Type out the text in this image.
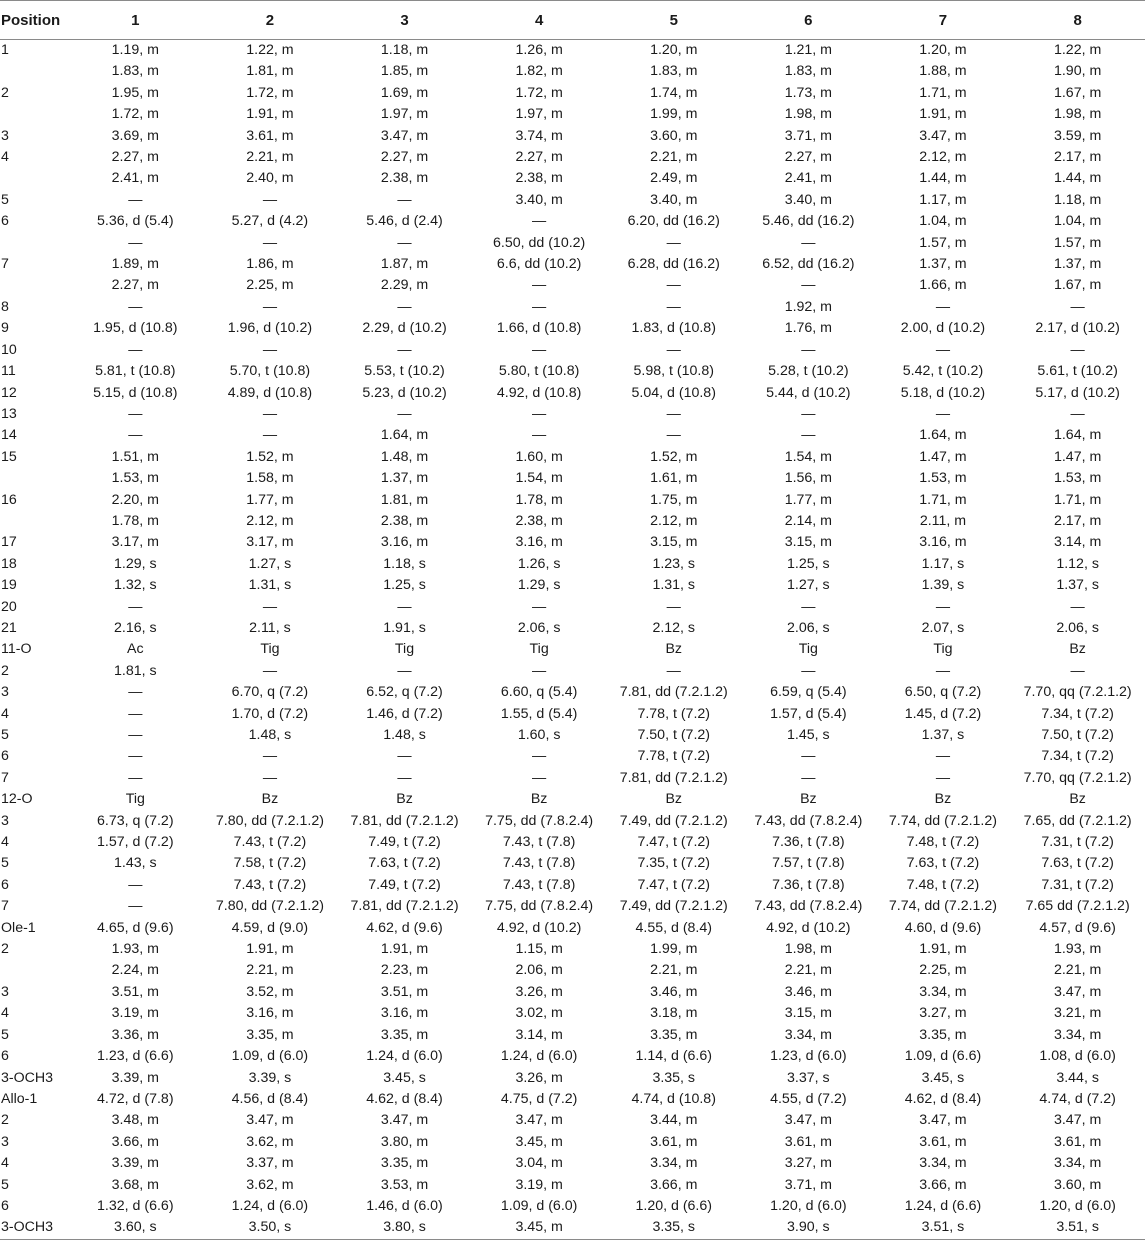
Position	1	2	3	4	5	6	7	8
1	1.19, m	1.22, m	1.18, m	1.26, m	1.20, m	1.21, m	1.20, m	1.22, m
	1.83, m	1.81, m	1.85, m	1.82, m	1.83, m	1.83, m	1.88, m	1.90, m
2	1.95, m	1.72, m	1.69, m	1.72, m	1.74, m	1.73, m	1.71, m	1.67, m
	1.72, m	1.91, m	1.97, m	1.97, m	1.99, m	1.98, m	1.91, m	1.98, m
3	3.69, m	3.61, m	3.47, m	3.74, m	3.60, m	3.71, m	3.47, m	3.59, m
4	2.27, m	2.21, m	2.27, m	2.27, m	2.21, m	2.27, m	2.12, m	2.17, m
	2.41, m	2.40, m	2.38, m	2.38, m	2.49, m	2.41, m	1.44, m	1.44, m
5	—	—	—	3.40, m	3.40, m	3.40, m	1.17, m	1.18, m
6	5.36, d (5.4)	5.27, d (4.2)	5.46, d (2.4)	—	6.20, dd (16.2)	5.46, dd (16.2)	1.04, m	1.04, m
	—	—	—	6.50, dd (10.2)	—	—	1.57, m	1.57, m
7	1.89, m	1.86, m	1.87, m	6.6, dd (10.2)	6.28, dd (16.2)	6.52, dd (16.2)	1.37, m	1.37, m
	2.27, m	2.25, m	2.29, m	—	—	—	1.66, m	1.67, m
8	—	—	—	—	—	1.92, m	—	—
9	1.95, d (10.8)	1.96, d (10.2)	2.29, d (10.2)	1.66, d (10.8)	1.83, d (10.8)	1.76, m	2.00, d (10.2)	2.17, d (10.2)
10	—	—	—	—	—	—	—	—
11	5.81, t (10.8)	5.70, t (10.8)	5.53, t (10.2)	5.80, t (10.8)	5.98, t (10.8)	5.28, t (10.2)	5.42, t (10.2)	5.61, t (10.2)
12	5.15, d (10.8)	4.89, d (10.8)	5.23, d (10.2)	4.92, d (10.8)	5.04, d (10.8)	5.44, d (10.2)	5.18, d (10.2)	5.17, d (10.2)
13	—	—	—	—	—	—	—	—
14	—	—	1.64, m	—	—	—	1.64, m	1.64, m
15	1.51, m	1.52, m	1.48, m	1.60, m	1.52, m	1.54, m	1.47, m	1.47, m
	1.53, m	1.58, m	1.37, m	1.54, m	1.61, m	1.56, m	1.53, m	1.53, m
16	2.20, m	1.77, m	1.81, m	1.78, m	1.75, m	1.77, m	1.71, m	1.71, m
	1.78, m	2.12, m	2.38, m	2.38, m	2.12, m	2.14, m	2.11, m	2.17, m
17	3.17, m	3.17, m	3.16, m	3.16, m	3.15, m	3.15, m	3.16, m	3.14, m
18	1.29, s	1.27, s	1.18, s	1.26, s	1.23, s	1.25, s	1.17, s	1.12, s
19	1.32, s	1.31, s	1.25, s	1.29, s	1.31, s	1.27, s	1.39, s	1.37, s
20	—	—	—	—	—	—	—	—
21	2.16, s	2.11, s	1.91, s	2.06, s	2.12, s	2.06, s	2.07, s	2.06, s
11-O	Ac	Tig	Tig	Tig	Bz	Tig	Tig	Bz
2	1.81, s	—	—	—	—	—	—	—
3	—	6.70, q (7.2)	6.52, q (7.2)	6.60, q (5.4)	7.81, dd (7.2.1.2)	6.59, q (5.4)	6.50, q (7.2)	7.70, qq (7.2.1.2)
4	—	1.70, d (7.2)	1.46, d (7.2)	1.55, d (5.4)	7.78, t (7.2)	1.57, d (5.4)	1.45, d (7.2)	7.34, t (7.2)
5	—	1.48, s	1.48, s	1.60, s	7.50, t (7.2)	1.45, s	1.37, s	7.50, t (7.2)
6	—	—	—	—	7.78, t (7.2)	—	—	7.34, t (7.2)
7	—	—	—	—	7.81, dd (7.2.1.2)	—	—	7.70, qq (7.2.1.2)
12-O	Tig	Bz	Bz	Bz	Bz	Bz	Bz	Bz
3	6.73, q (7.2)	7.80, dd (7.2.1.2)	7.81, dd (7.2.1.2)	7.75, dd (7.8.2.4)	7.49, dd (7.2.1.2)	7.43, dd (7.8.2.4)	7.74, dd (7.2.1.2)	7.65, dd (7.2.1.2)
4	1.57, d (7.2)	7.43, t (7.2)	7.49, t (7.2)	7.43, t (7.8)	7.47, t (7.2)	7.36, t (7.8)	7.48, t (7.2)	7.31, t (7.2)
5	1.43, s	7.58, t (7.2)	7.63, t (7.2)	7.43, t (7.8)	7.35, t (7.2)	7.57, t (7.8)	7.63, t (7.2)	7.63, t (7.2)
6	—	7.43, t (7.2)	7.49, t (7.2)	7.43, t (7.8)	7.47, t (7.2)	7.36, t (7.8)	7.48, t (7.2)	7.31, t (7.2)
7	—	7.80, dd (7.2.1.2)	7.81, dd (7.2.1.2)	7.75, dd (7.8.2.4)	7.49, dd (7.2.1.2)	7.43, dd (7.8.2.4)	7.74, dd (7.2.1.2)	7.65 dd (7.2.1.2)
Ole-1	4.65, d (9.6)	4.59, d (9.0)	4.62, d (9.6)	4.92, d (10.2)	4.55, d (8.4)	4.92, d (10.2)	4.60, d (9.6)	4.57, d (9.6)
2	1.93, m	1.91, m	1.91, m	1.15, m	1.99, m	1.98, m	1.91, m	1.93, m
	2.24, m	2.21, m	2.23, m	2.06, m	2.21, m	2.21, m	2.25, m	2.21, m
3	3.51, m	3.52, m	3.51, m	3.26, m	3.46, m	3.46, m	3.34, m	3.47, m
4	3.19, m	3.16, m	3.16, m	3.02, m	3.18, m	3.15, m	3.27, m	3.21, m
5	3.36, m	3.35, m	3.35, m	3.14, m	3.35, m	3.34, m	3.35, m	3.34, m
6	1.23, d (6.6)	1.09, d (6.0)	1.24, d (6.0)	1.24, d (6.0)	1.14, d (6.6)	1.23, d (6.0)	1.09, d (6.6)	1.08, d (6.0)
3-OCH3	3.39, m	3.39, s	3.45, s	3.26, m	3.35, s	3.37, s	3.45, s	3.44, s
Allo-1	4.72, d (7.8)	4.56, d (8.4)	4.62, d (8.4)	4.75, d (7.2)	4.74, d (10.8)	4.55, d (7.2)	4.62, d (8.4)	4.74, d (7.2)
2	3.48, m	3.47, m	3.47, m	3.47, m	3.44, m	3.47, m	3.47, m	3.47, m
3	3.66, m	3.62, m	3.80, m	3.45, m	3.61, m	3.61, m	3.61, m	3.61, m
4	3.39, m	3.37, m	3.35, m	3.04, m	3.34, m	3.27, m	3.34, m	3.34, m
5	3.68, m	3.62, m	3.53, m	3.19, m	3.66, m	3.71, m	3.66, m	3.60, m
6	1.32, d (6.6)	1.24, d (6.0)	1.46, d (6.0)	1.09, d (6.0)	1.20, d (6.6)	1.20, d (6.0)	1.24, d (6.6)	1.20, d (6.0)
3-OCH3	3.60, s	3.50, s	3.80, s	3.45, m	3.35, s	3.90, s	3.51, s	3.51, s
